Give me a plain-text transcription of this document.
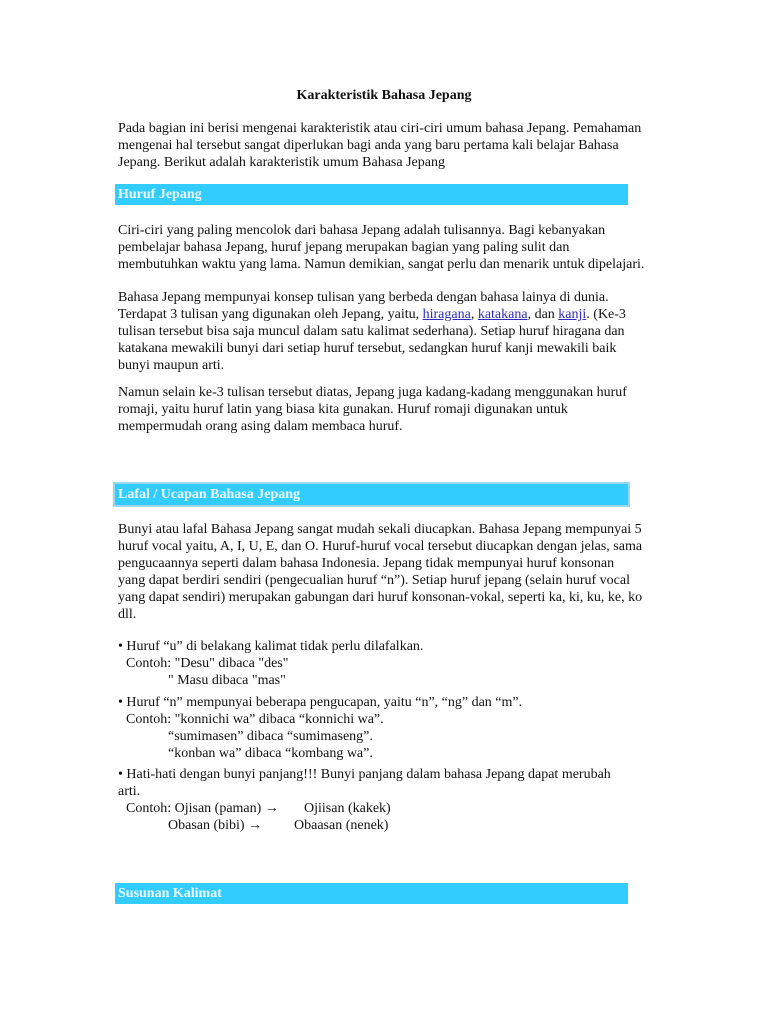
Karakteristik Bahasa Jepang
Pada bagian ini berisi mengenai karakteristik atau ciri-ciri umum bahasa Jepang. Pemahaman
mengenai hal tersebut sangat diperlukan bagi anda yang baru pertama kali belajar Bahasa
Jepang. Berikut adalah karakteristik umum Bahasa Jepang
Huruf Jepang
Ciri-ciri yang paling mencolok dari bahasa Jepang adalah tulisannya. Bagi kebanyakan
pembelajar bahasa Jepang, huruf jepang merupakan bagian yang paling sulit dan
membutuhkan waktu yang lama. Namun demikian, sangat perlu dan menarik untuk dipelajari.
Bahasa Jepang mempunyai konsep tulisan yang berbeda dengan bahasa lainya di dunia.
Terdapat 3 tulisan yang digunakan oleh Jepang, yaitu, hiragana, katakana, dan kanji. (Ke-3
tulisan tersebut bisa saja muncul dalam satu kalimat sederhana). Setiap huruf hiragana dan
katakana mewakili bunyi dari setiap huruf tersebut, sedangkan huruf kanji mewakili baik
bunyi maupun arti.
Namun selain ke-3 tulisan tersebut diatas, Jepang juga kadang-kadang menggunakan huruf
romaji, yaitu huruf latin yang biasa kita gunakan. Huruf romaji digunakan untuk
mempermudah orang asing dalam membaca huruf.
Lafal / Ucapan Bahasa Jepang
Bunyi atau lafal Bahasa Jepang sangat mudah sekali diucapkan. Bahasa Jepang mempunyai 5
huruf vocal yaitu, A, I, U, E, dan O. Huruf-huruf vocal tersebut diucapkan dengan jelas, sama
pengucaannya seperti dalam bahasa Indonesia. Jepang tidak mempunyai huruf konsonan
yang dapat berdiri sendiri (pengecualian huruf “n”). Setiap huruf jepang (selain huruf vocal
yang dapat sendiri) merupakan gabungan dari huruf konsonan-vokal, seperti ka, ki, ku, ke, ko
dll.
• Huruf “u” di belakang kalimat tidak perlu dilafalkan.
Contoh: "Desu" dibaca "des"
" Masu dibaca "mas"
• Huruf “n” mempunyai beberapa pengucapan, yaitu “n”, “ng” dan “m”.
Contoh: "konnichi wa” dibaca “konnichi wa”.
“sumimasen” dibaca “sumimaseng”.
“konban wa” dibaca “kombang wa”.
• Hati-hati dengan bunyi panjang!!! Bunyi panjang dalam bahasa Jepang dapat merubah
arti.
Contoh: Ojisan (paman) → Ojiisan (kakek)
Obasan (bibi) → Obaasan (nenek)
Susunan Kalimat
